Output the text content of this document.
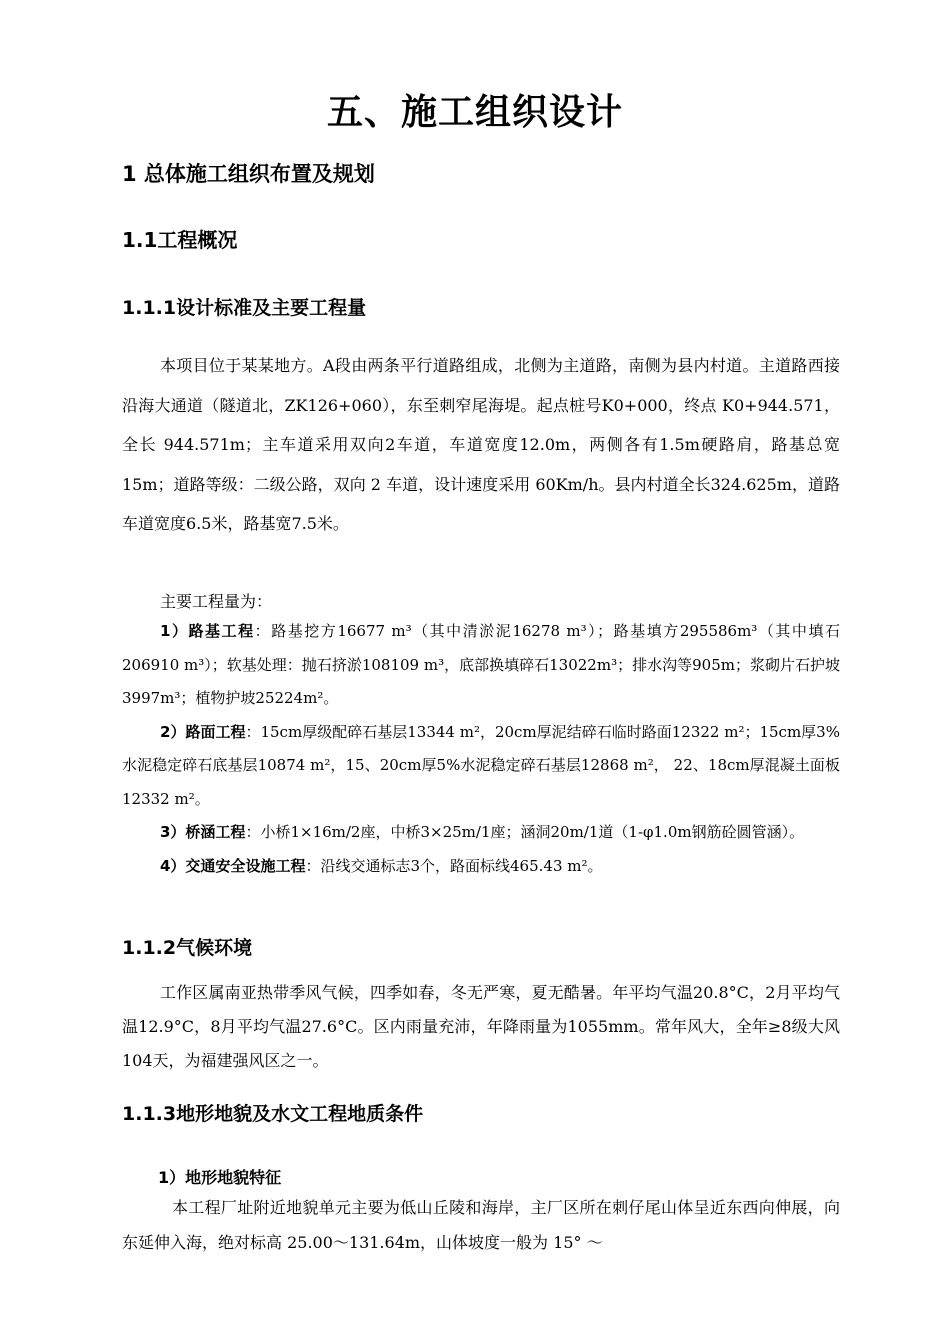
五、施工组织设计
1 总体施工组织布置及规划
1.1工程概况
1.1.1设计标准及主要工程量

本项目位于某某地方。A段由两条平行道路组成，北侧为主道路，南侧为县内村道。主道路西接沿海大通道（隧道北，ZK126+060），东至刺窄尾海堤。起点桩号K0+000，终点 K0+944.571，全长 944.571m；主车道采用双向2车道，车道宽度12.0m，两侧各有1.5m硬路肩，路基总宽15m；道路等级：二级公路，双向 2 车道，设计速度采用 60Km/h。县内村道全长324.625m，道路车道宽度6.5米，路基宽7.5米。

主要工程量为：

1）路基工程：路基挖方16677 m³（其中清淤泥16278 m³）；路基填方295586m³（其中填石206910 m³）；软基处理：抛石挤淤108109 m³，底部换填碎石13022m³；排水沟等905m；浆砌片石护坡3997m³；植物护坡25224m²。

2）路面工程：15cm厚级配碎石基层13344 m²，20cm厚泥结碎石临时路面12322 m²；15cm厚3%水泥稳定碎石底基层10874 m²，15、20cm厚5%水泥稳定碎石基层12868 m²， 22、18cm厚混凝土面板12332 m²。

3）桥涵工程：小桥1×16m/2座，中桥3×25m/1座；涵洞20m/1道（1-φ1.0m钢筋砼圆管涵）。

4）交通安全设施工程：沿线交通标志3个，路面标线465.43 m²。

1.1.2气候环境

工作区属南亚热带季风气候，四季如春，冬无严寒，夏无酷暑。年平均气温20.8°C，2月平均气温12.9°C，8月平均气温27.6°C。区内雨量充沛，年降雨量为1055mm。常年风大，全年≥8级大风104天，为福建强风区之一。

1.1.3地形地貌及水文工程地质条件
1）地形地貌特征

本工程厂址附近地貌单元主要为低山丘陵和海岸，主厂区所在刺仔尾山体呈近东西向伸展，向东延伸入海，绝对标高 25.00～131.64m，山体坡度一般为 15° ～
